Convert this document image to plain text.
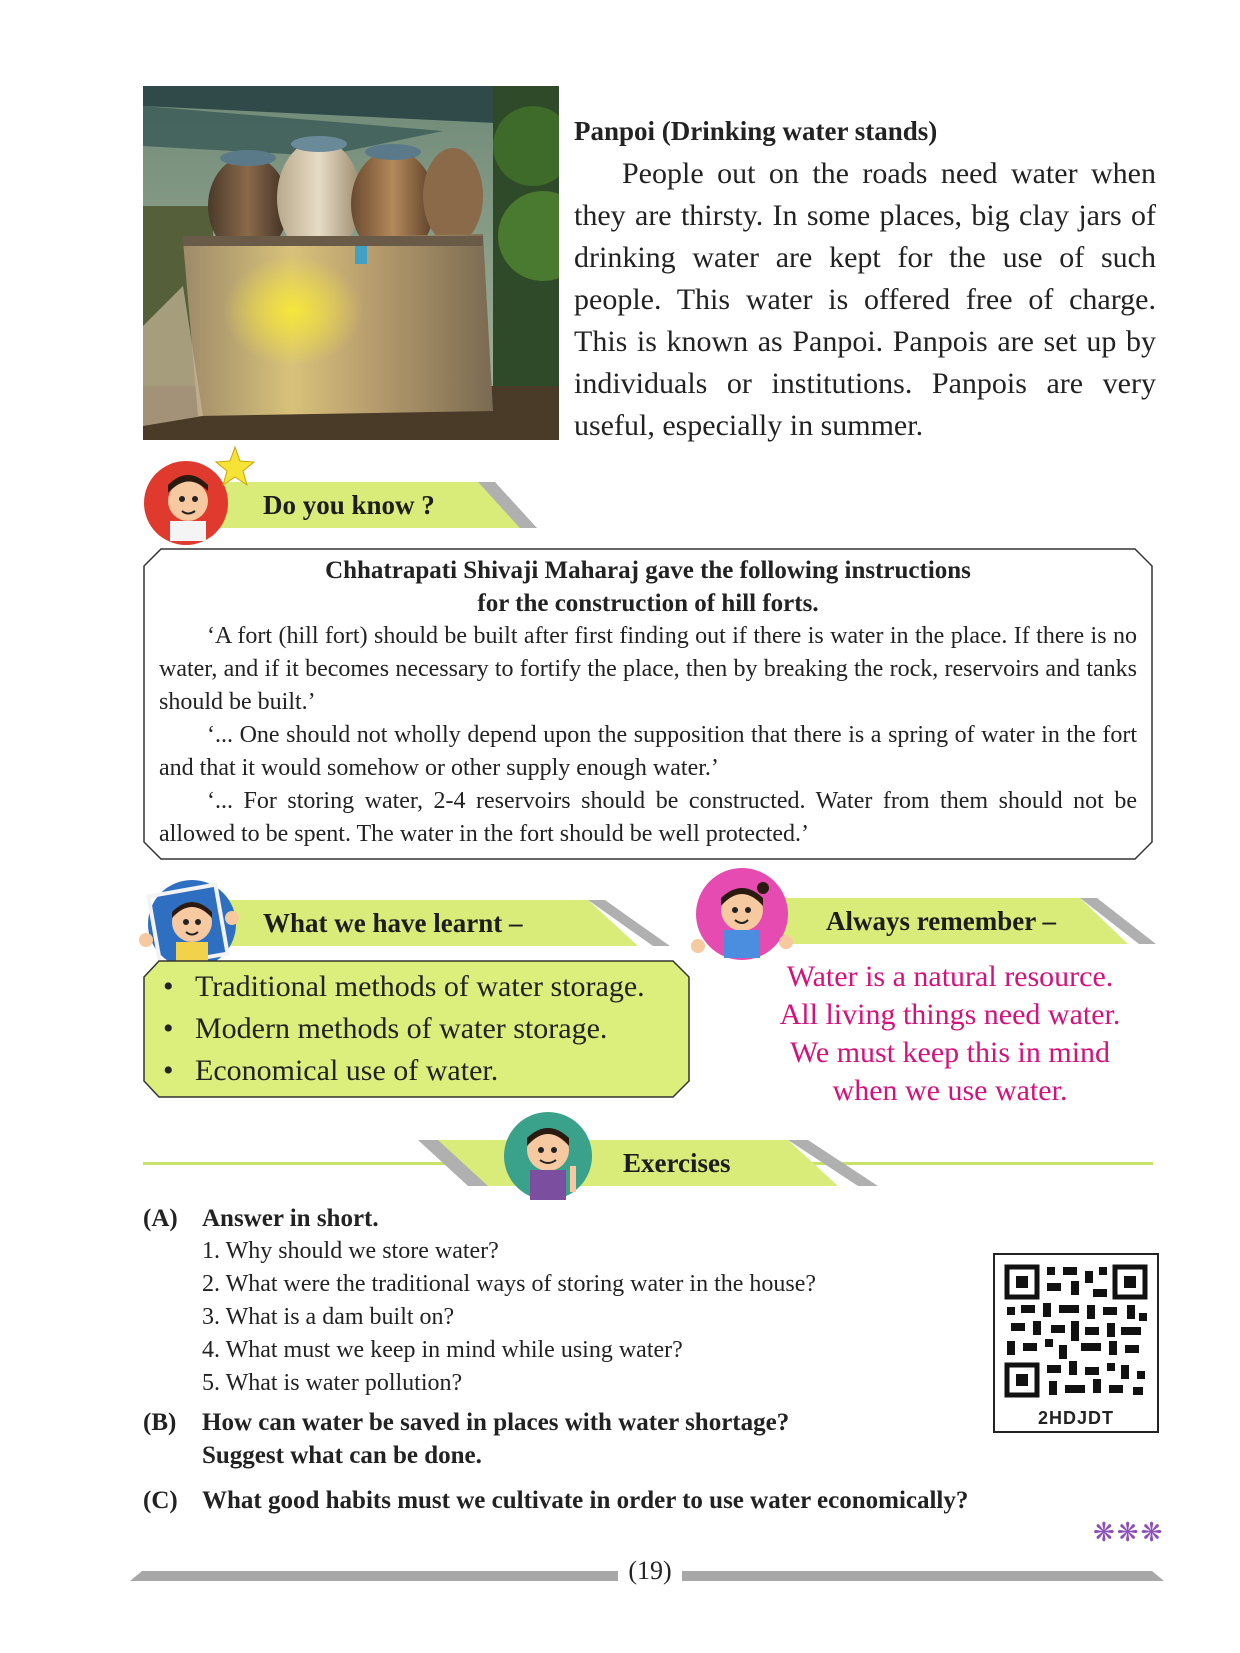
Panpoi (Drinking water stands)

People out on the roads need water when they are thirsty. In some places, big clay jars of drinking water are kept for the use of such people. This water is offered free of charge. This is known as Panpoi. Panpois are set up by individuals or institutions. Panpois are very useful, especially in summer.

Do you know ?
Chhatrapati Shivaji Maharaj gave the following instructions
for the construction of hill forts.

‘A fort (hill fort) should be built after first finding out if there is water in the place. If there is no water, and if it becomes necessary to fortify the place, then by breaking the rock, reservoirs and tanks should be built.’

‘... One should not wholly depend upon the supposition that there is a spring of water in the fort and that it would somehow or other supply enough water.’

‘... For storing water, 2-4 reservoirs should be constructed. Water from them should not be allowed to be spent. The water in the fort should be well protected.’

What we have learnt –
• Traditional methods of water storage.
• Modern methods of water storage.
• Economical use of water.
Always remember –
Water is a natural resource.
All living things need water.
We must keep this in mind
when we use water.
Exercises
(A) Answer in short.
1. Why should we store water?
2. What were the traditional ways of storing water in the house?
3. What is a dam built on?
4. What must we keep in mind while using water?
5. What is water pollution?
(B) How can water be saved in places with water shortage?
Suggest what can be done.
(C) What good habits must we cultivate in order to use water economically?
2HDJDT
❋❋❋
(19)
